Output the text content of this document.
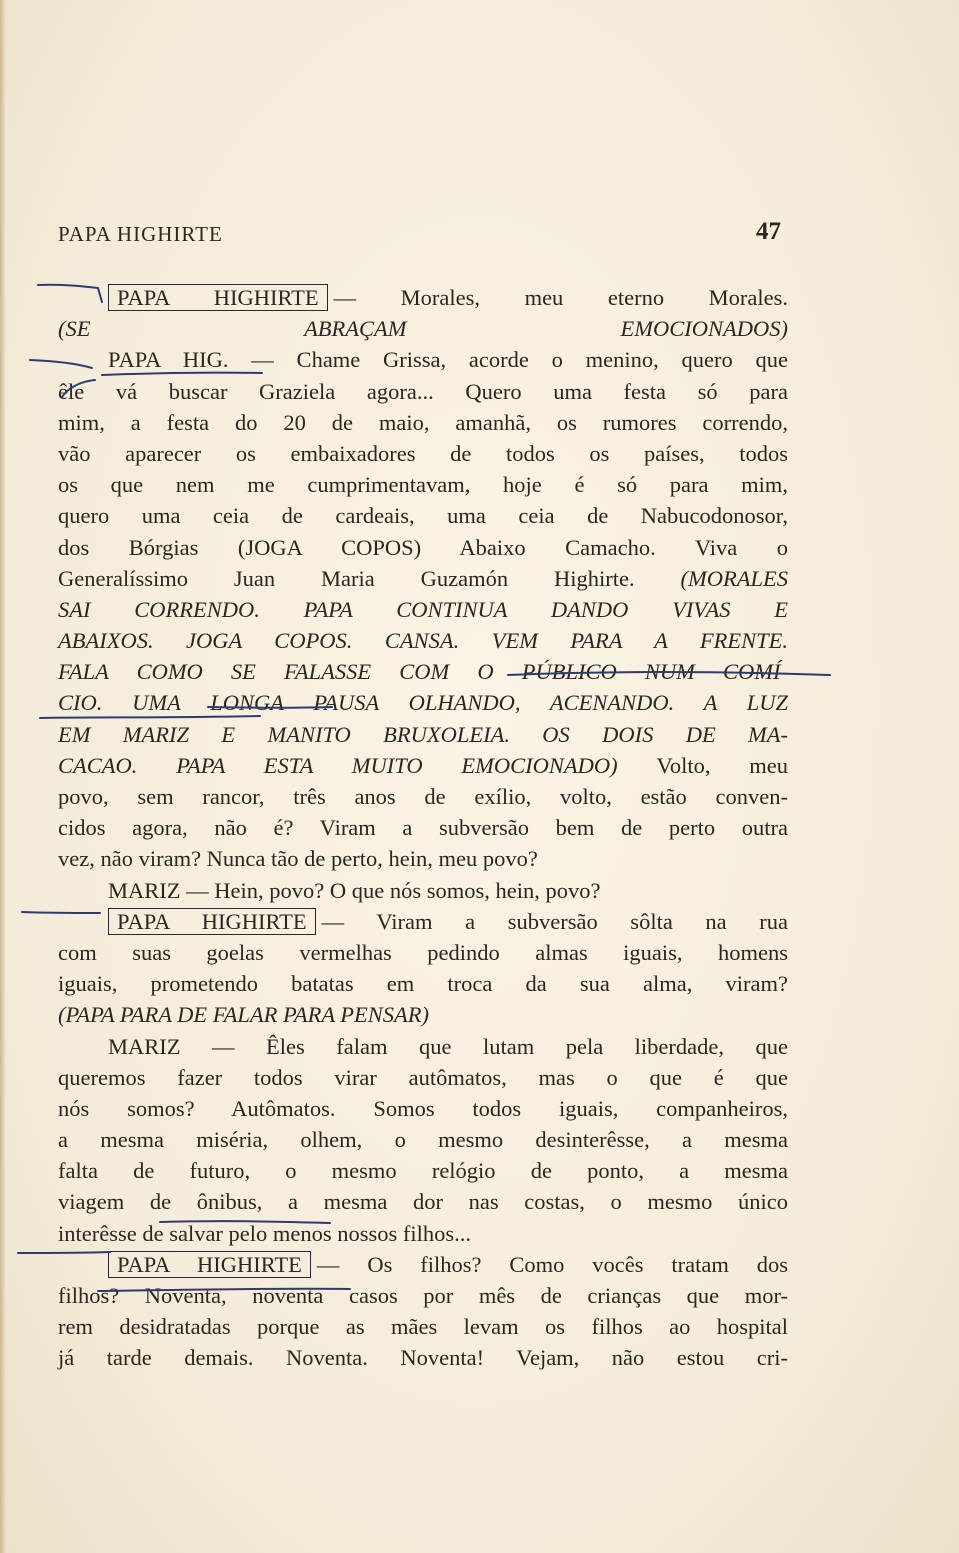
PAPA HIGHIRTE	47
PAPA HIGHIRTE — Morales, meu eterno Morales.
(SE ABRAÇAM EMOCIONADOS)
PAPA HIG. — Chame Grissa, acorde o menino, quero que
êle vá buscar Graziela agora... Quero uma festa só para
mim, a festa do 20 de maio, amanhã, os rumores correndo,
vão aparecer os embaixadores de todos os países, todos
os que nem me cumprimentavam, hoje é só para mim,
quero uma ceia de cardeais, uma ceia de Nabucodonosor,
dos Bórgias (JOGA COPOS) Abaixo Camacho. Viva o
Generalíssimo Juan Maria Guzamón Highirte. (MORALES
SAI CORRENDO. PAPA CONTINUA DANDO VIVAS E
ABAIXOS. JOGA COPOS. CANSA. VEM PARA A FRENTE.
FALA COMO SE FALASSE COM O PÚBLICO NUM COMÍ-
CIO. UMA LONGA PAUSA OLHANDO, ACENANDO. A LUZ
EM MARIZ E MANITO BRUXOLEIA. OS DOIS DE MA-
CACAO. PAPA ESTA MUITO EMOCIONADO) Volto, meu
povo, sem rancor, três anos de exílio, volto, estão conven-
cidos agora, não é? Viram a subversão bem de perto outra
vez, não viram? Nunca tão de perto, hein, meu povo?
MARIZ — Hein, povo? O que nós somos, hein, povo?
PAPA HIGHIRTE — Viram a subversão sôlta na rua
com suas goelas vermelhas pedindo almas iguais, homens
iguais, prometendo batatas em troca da sua alma, viram?
(PAPA PARA DE FALAR PARA PENSAR)
MARIZ — Êles falam que lutam pela liberdade, que
queremos fazer todos virar autômatos, mas o que é que
nós somos? Autômatos. Somos todos iguais, companheiros,
a mesma miséria, olhem, o mesmo desinterêsse, a mesma
falta de futuro, o mesmo relógio de ponto, a mesma
viagem de ônibus, a mesma dor nas costas, o mesmo único
interêsse de salvar pelo menos nossos filhos...
PAPA HIGHIRTE — Os filhos? Como vocês tratam dos
filhos? Noventa, noventa casos por mês de crianças que mor-
rem desidratadas porque as mães levam os filhos ao hospital
já tarde demais. Noventa. Noventa! Vejam, não estou cri-
